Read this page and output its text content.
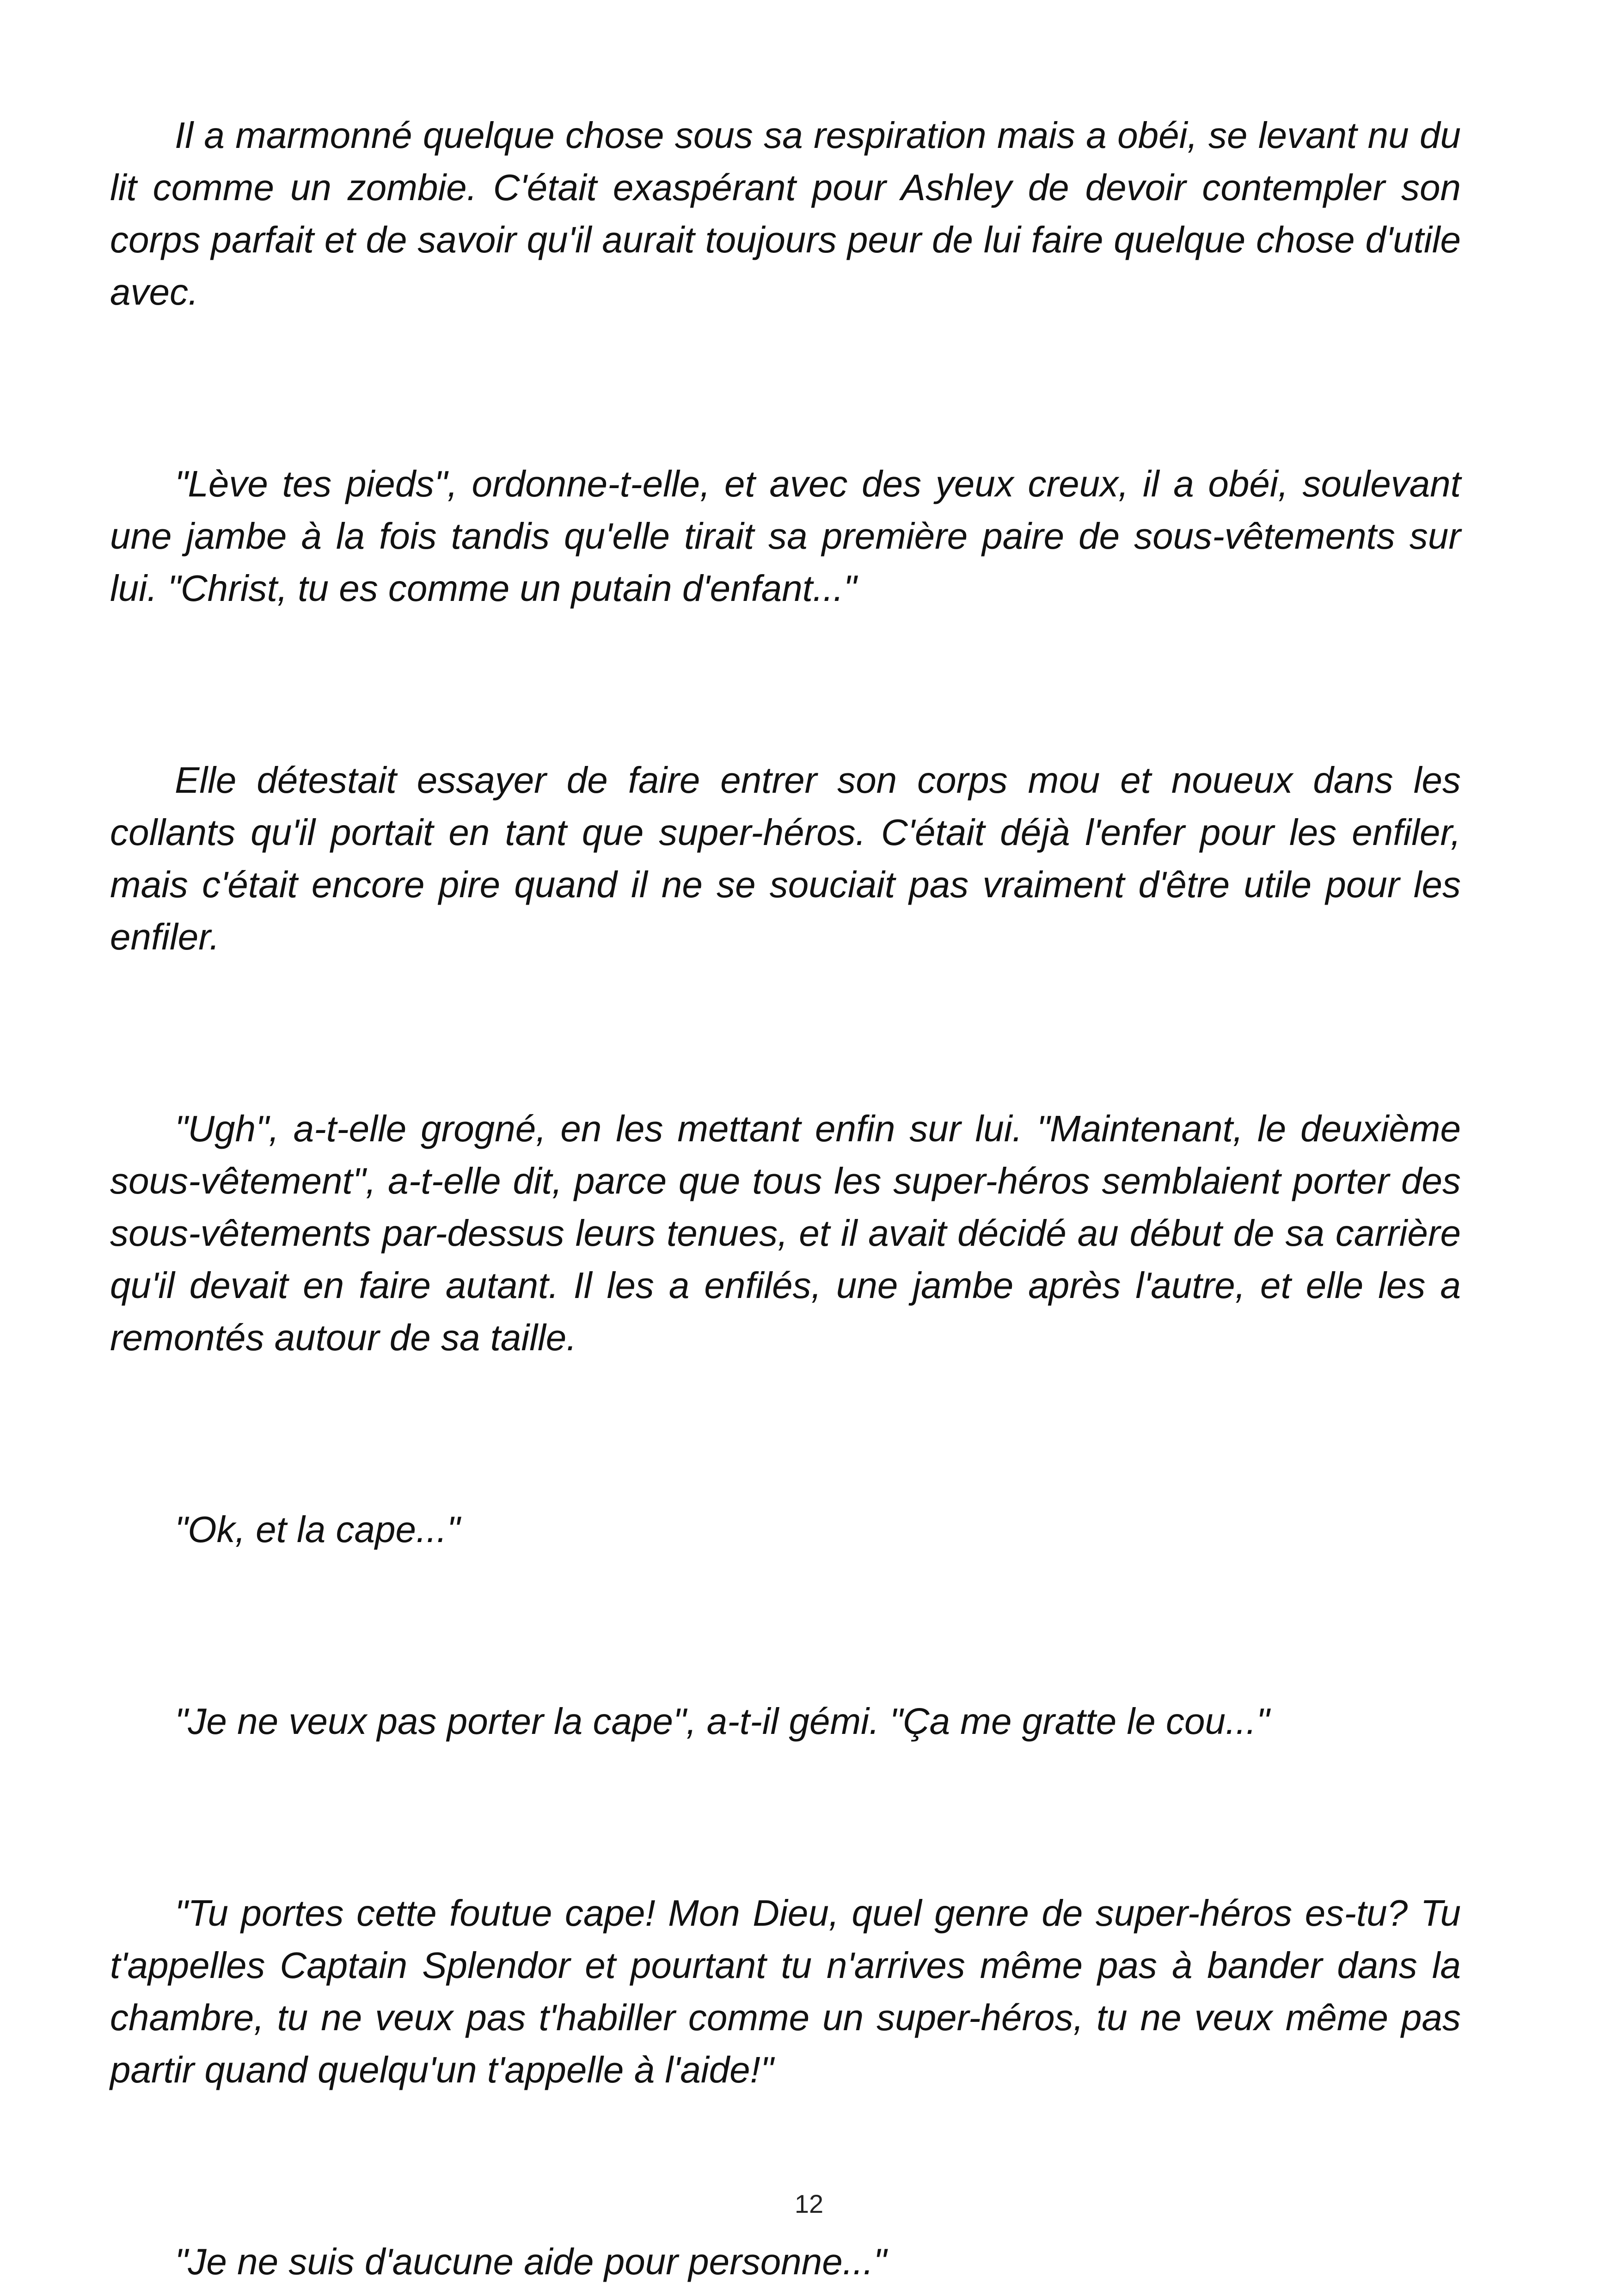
Il a marmonné quelque chose sous sa respiration mais a obéi, se levant nu du lit comme un zombie. C'était exaspérant pour Ashley de devoir contempler son corps parfait et de savoir qu'il aurait toujours peur de lui faire quelque chose d'utile avec.

"Lève tes pieds", ordonne-t-elle, et avec des yeux creux, il a obéi, soulevant une jambe à la fois tandis qu'elle tirait sa première paire de sous-vêtements sur lui. "Christ, tu es comme un putain d'enfant..."

Elle détestait essayer de faire entrer son corps mou et noueux dans les collants qu'il portait en tant que super-héros. C'était déjà l'enfer pour les enfiler, mais c'était encore pire quand il ne se souciait pas vraiment d'être utile pour les enfiler.

"Ugh", a-t-elle grogné, en les mettant enfin sur lui. "Maintenant, le deuxième sous-vêtement", a-t-elle dit, parce que tous les super-héros semblaient porter des sous-vêtements par-dessus leurs tenues, et il avait décidé au début de sa carrière qu'il devait en faire autant. Il les a enfilés, une jambe après l'autre, et elle les a remontés autour de sa taille.

"Ok, et la cape..."

"Je ne veux pas porter la cape", a-t-il gémi. "Ça me gratte le cou..."

"Tu portes cette foutue cape! Mon Dieu, quel genre de super-héros es-tu? Tu t'appelles Captain Splendor et pourtant tu n'arrives même pas à bander dans la chambre, tu ne veux pas t'habiller comme un super-héros, tu ne veux même pas partir quand quelqu'un t'appelle à l'aide!"

"Je ne suis d'aucune aide pour personne..."

12
